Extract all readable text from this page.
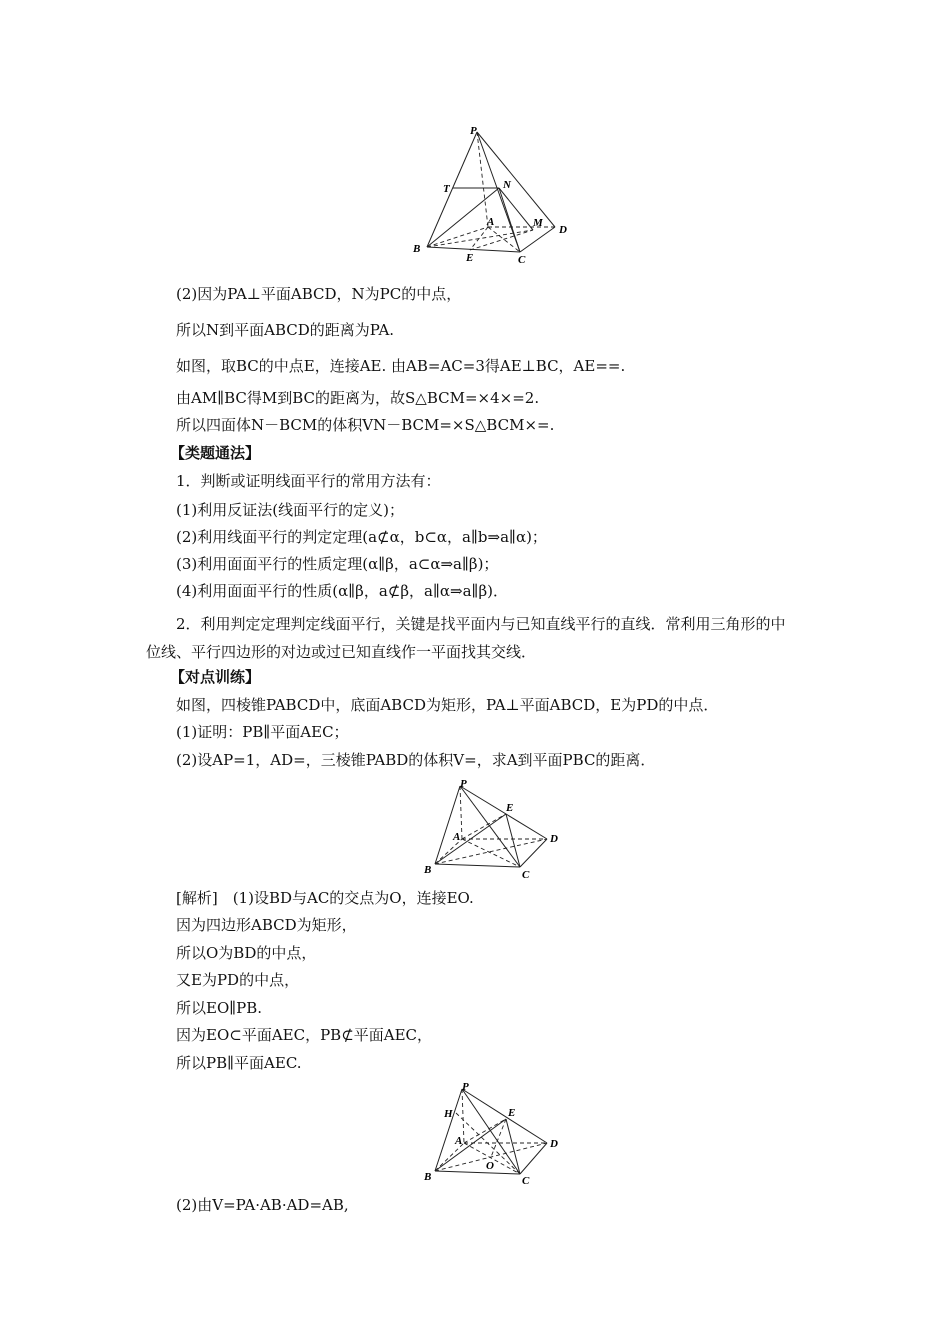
P
T	N
A	M
D
B
E	C
(2)因为PA⊥平面ABCD，N为PC的中点，
所以N到平面ABCD的距离为PA.
如图，取BC的中点E，连接AE. 由AB=AC=3得AE⊥BC，AE==.
由AM∥BC得M到BC的距离为，故S△BCM=×4×=2.
所以四面体N－BCM的体积VN－BCM=×S△BCM×=.
【类题通法】
1．判断或证明线面平行的常用方法有：
(1)利用反证法(线面平行的定义)；
(2)利用线面平行的判定定理(a⊄α，b⊂α，a∥b⇒a∥α)；
(3)利用面面平行的性质定理(α∥β，a⊂α⇒a∥β)；
(4)利用面面平行的性质(α∥β，a⊄β，a∥α⇒a∥β)．
2．利用判定定理判定线面平行，关键是找平面内与已知直线平行的直线．常利用三角形的中位线、平行四边形的对边或过已知直线作一平面找其交线．
【对点训练】
如图，四棱锥PABCD中，底面ABCD为矩形，PA⊥平面ABCD，E为PD的中点．
(1)证明：PB∥平面AEC；
(2)设AP=1，AD=，三棱锥PABD的体积V=，求A到平面PBC的距离．
P
E
A	D
B	C
[解析]　(1)设BD与AC的交点为O，连接EO.
因为四边形ABCD为矩形，
所以O为BD的中点，
又E为PD的中点，
所以EO∥PB.
因为EO⊂平面AEC，PB⊄平面AEC，
所以PB∥平面AEC.
P
H	E
A	D
O
B	C
(2)由V=PA·AB·AD=AB,
